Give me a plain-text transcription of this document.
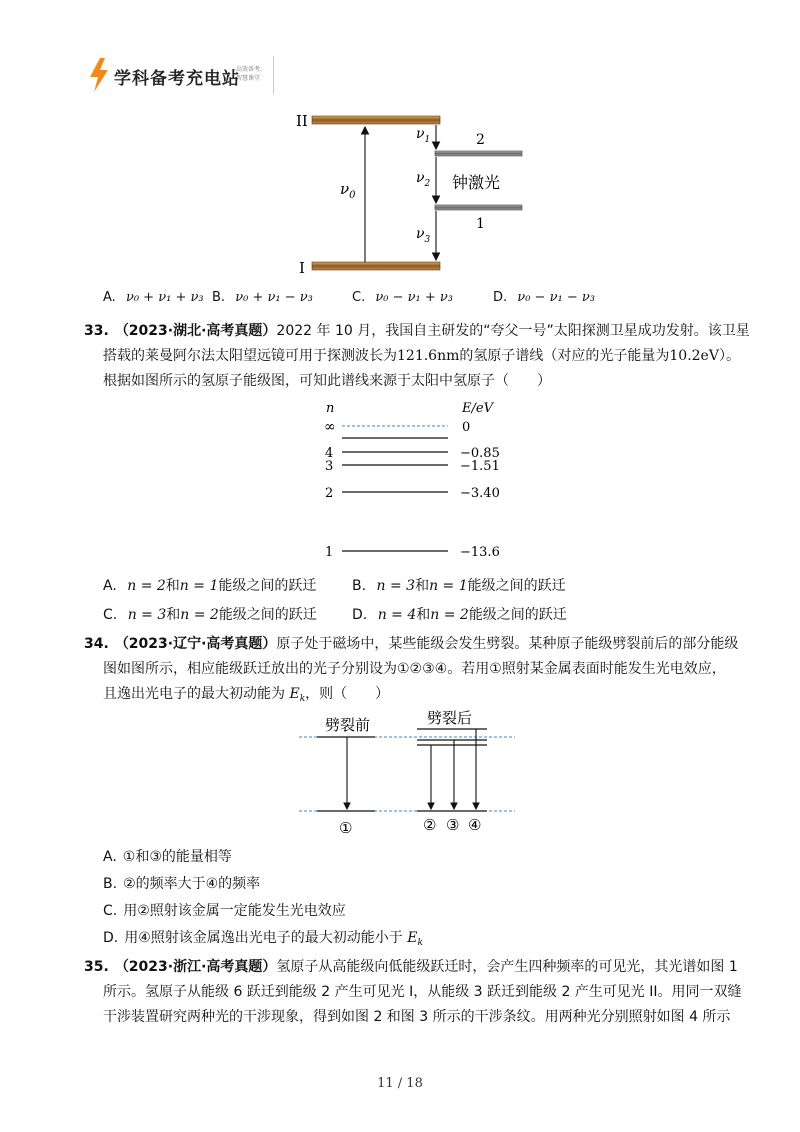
学科备考充电站
高效备考，
智慧课堂
II
I
$\nu_0$
$\nu_1$
$\nu_2$
$\nu_3$
2
1
钟激光
A. ν₀ + ν₁ + ν₃ B. ν₀ + ν₁ − ν₃	C. ν₀ − ν₁ + ν₃	D. ν₀ − ν₁ − ν₃
33. （2023·湖北·高考真题）2022 年 10 月，我国自主研发的“夸父一号”太阳探测卫星成功发射。该卫星
搭载的莱曼阿尔法太阳望远镜可用于探测波长为121.6nm的氢原子谱线（对应的光子能量为10.2eV）。
根据如图所示的氢原子能级图，可知此谱线来源于太阳中氢原子（　　）
n	E/eV
∞	0
4	−0.85
3	−1.51
2	−3.40
1	−13.6
A. n = 2和n = 1能级之间的跃迁	B. n = 3和n = 1能级之间的跃迁
C. n = 3和n = 2能级之间的跃迁	D. n = 4和n = 2能级之间的跃迁
34. （2023·辽宁·高考真题）原子处于磁场中，某些能级会发生劈裂。某种原子能级劈裂前后的部分能级
图如图所示，相应能级跃迁放出的光子分别设为①②③④。若用①照射某金属表面时能发生光电效应，
且逸出光电子的最大初动能为 $E_k$，则（　　）
劈裂前	劈裂后
①	② ③ ④
A. ①和③的能量相等
B. ②的频率大于④的频率
C. 用②照射该金属一定能发生光电效应
D. 用④照射该金属逸出光电子的最大初动能小于 $E_k$
35. （2023·浙江·高考真题）氢原子从高能级向低能级跃迁时，会产生四种频率的可见光，其光谱如图 1
所示。氢原子从能级 6 跃迁到能级 2 产生可见光 I，从能级 3 跃迁到能级 2 产生可见光 II。用同一双缝
干涉装置研究两种光的干涉现象，得到如图 2 和图 3 所示的干涉条纹。用两种光分别照射如图 4 所示
11 / 18
